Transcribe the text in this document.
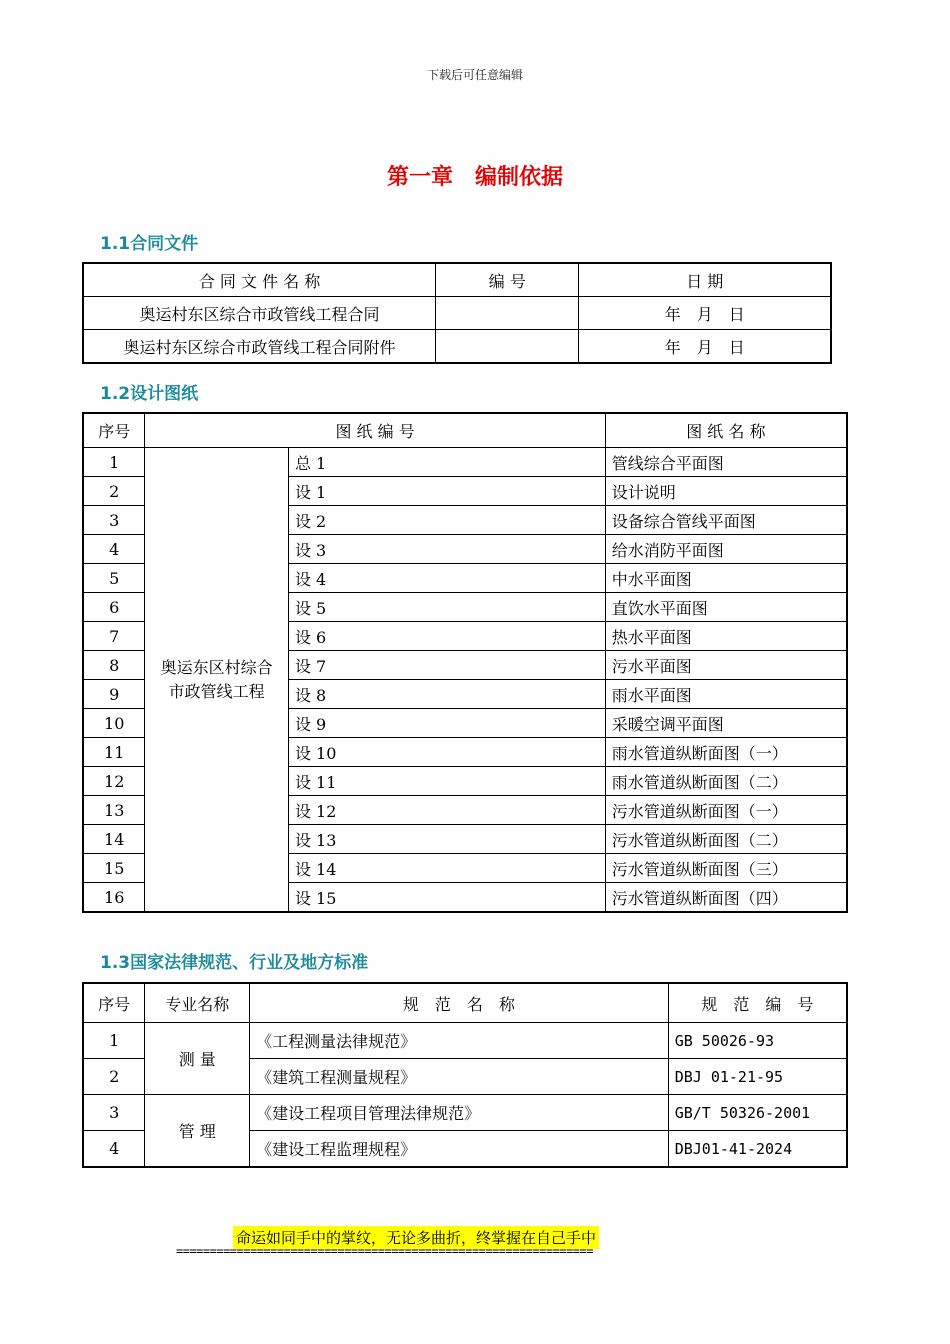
下载后可任意编辑
第一章　编制依据
1.1合同文件
合 同 文 件 名 称	编 号	日 期
奥运村东区综合市政管线工程合同		年　月　日
奥运村东区综合市政管线工程合同附件		年　月　日
1.2设计图纸
序号	图 纸 编 号		图 纸 名 称
1	奥运东区村综合市政管线工程	总 1	管线综合平面图
2		设 1	设计说明
3		设 2	设备综合管线平面图
4		设 3	给水消防平面图
5		设 4	中水平面图
6		设 5	直饮水平面图
7		设 6	热水平面图
8		设 7	污水平面图
9		设 8	雨水平面图
10		设 9	采暖空调平面图
11		设 10	雨水管道纵断面图（一）
12		设 11	雨水管道纵断面图（二）
13		设 12	污水管道纵断面图（一）
14		设 13	污水管道纵断面图（二）
15		设 14	污水管道纵断面图（三）
16		设 15	污水管道纵断面图（四）
1.3国家法律规范、行业及地方标准
序号	专业名称	规　范　名　称	规　范　编　号
1	测 量	《工程测量法律规范》	GB 50026-93
2		《建筑工程测量规程》	DBJ 01-21-95
3	管 理	《建设工程项目管理法律规范》	GB/T 50326-2001
4		《建设工程监理规程》	DBJ01-41-2024
命运如同手中的掌纹，无论多曲折，终掌握在自己手中
==============================================================
